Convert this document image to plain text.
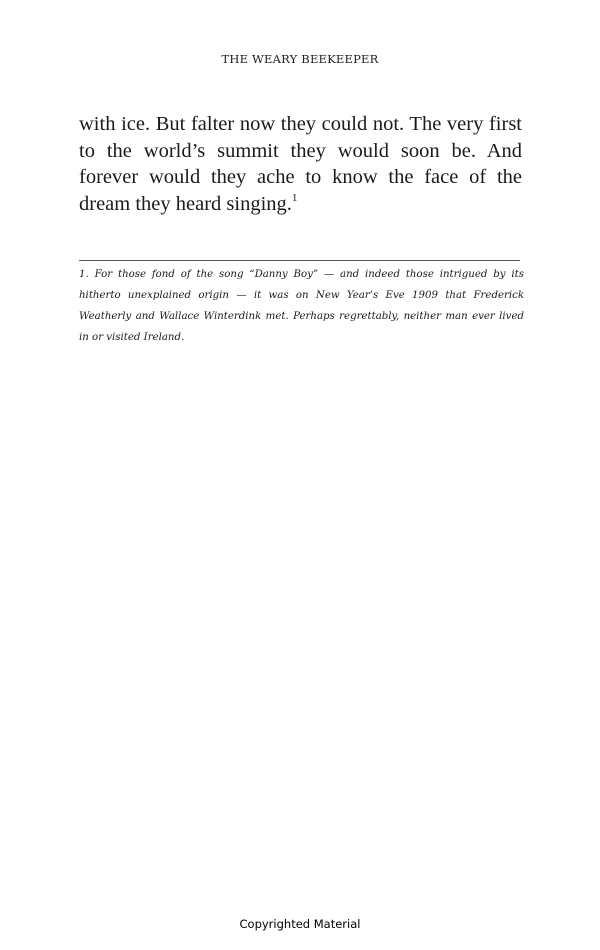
THE WEARY BEEKEEPER

with ice. But falter now they could not. The very first to the world’s summit they would soon be. And forever would they ache to know the face of the dream they heard singing.$^1$

1. For those fond of the song “Danny Boy” — and indeed those intrigued by its hitherto unexplained origin — it was on New Year’s Eve 1909 that Frederick Weatherly and Wallace Winterdink met. Perhaps regrettably, neither man ever lived in or visited Ireland.

Copyrighted Material
